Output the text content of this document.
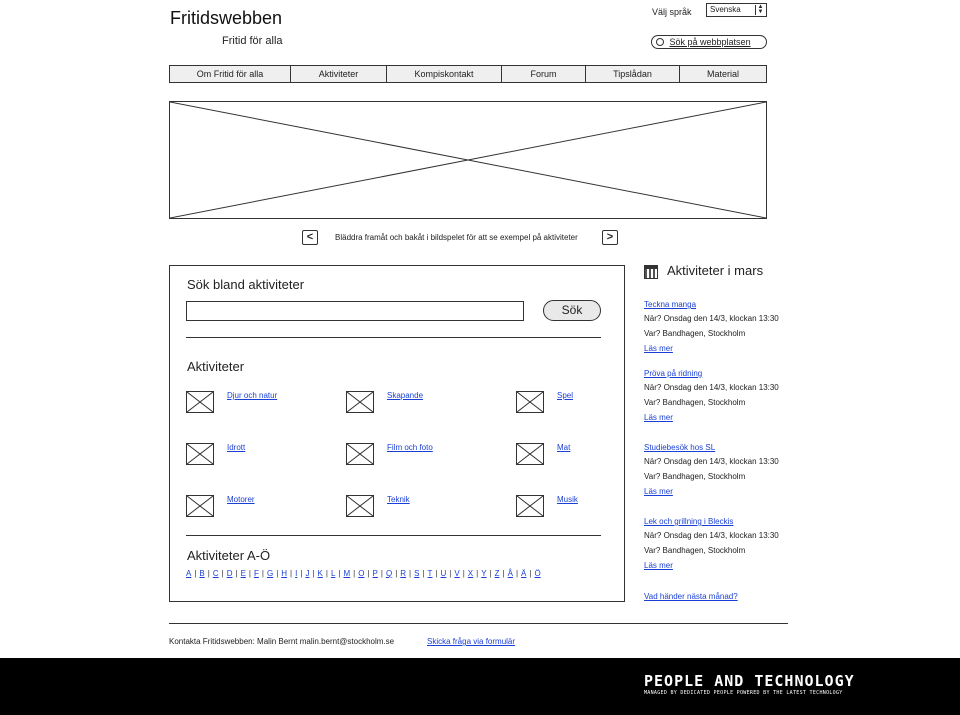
Fritidswebben
Fritid för alla
Välj språk	Svenska	▲
▼
Sök på webbplatsen
Om Fritid för alla	Aktiviteter	Kompiskontakt	Forum	Tipslådan	Material
<	Bläddra framåt och bakåt i bildspelet för att se exempel på aktiviteter	>
Sök bland aktiviteter
Sök
Aktiviteter
Djur och natur	Skapande	Spel
Idrott	Film och foto	Mat
Motorer	Teknik	Musik
Aktiviteter A-Ö
A | B | C | D | E | F | G | H | I | J | K | L | M | O | P | Q | R | S | T | U | V | X | Y | Z | Å | Ä | Ö
Aktiviteter i mars
Teckna manga
När? Onsdag den 14/3, klockan 13:30
Var? Bandhagen, Stockholm
Läs mer
Pröva på ridning
När? Onsdag den 14/3, klockan 13:30
Var? Bandhagen, Stockholm
Läs mer
Studiebesök hos SL
När? Onsdag den 14/3, klockan 13:30
Var? Bandhagen, Stockholm
Läs mer
Lek och grillning i Bleckis
När? Onsdag den 14/3, klockan 13:30
Var? Bandhagen, Stockholm
Läs mer
Vad händer nästa månad?
Kontakta Fritidswebben: Malin Bernt malin.bernt@stockholm.se	Skicka fråga via formulär
PEOPLE AND TECHNOLOGY
MANAGED BY DEDICATED PEOPLE POWERED BY THE LATEST TECHNOLOGY
